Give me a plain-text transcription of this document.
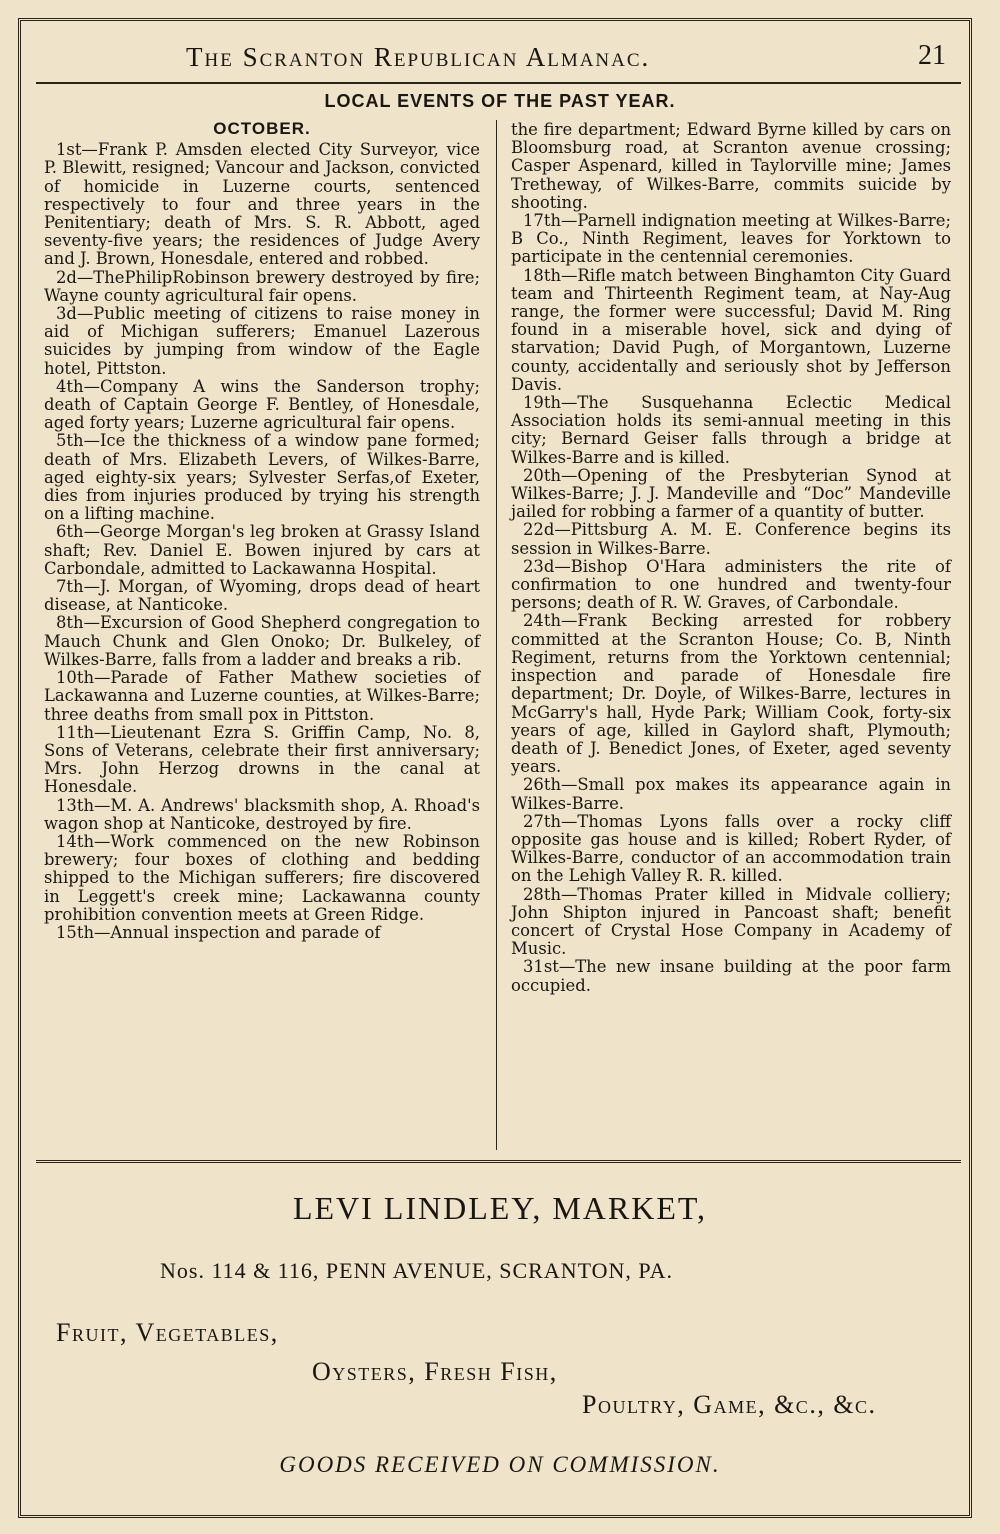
The Scranton Republican Almanac.	21
LOCAL EVENTS OF THE PAST YEAR.
OCTOBER.

1st—Frank P. Amsden elected City Surveyor, vice P. Blewitt, resigned; Vancour and Jackson, convicted of homicide in Luzerne courts, sentenced respectively to four and three years in the Penitentiary; death of Mrs. S. R. Abbott, aged seventy-five years; the residences of Judge Avery and J. Brown, Honesdale, entered and robbed.

2d—ThePhilipRobinson brewery destroyed by fire; Wayne county agricultural fair opens.

3d—Public meeting of citizens to raise money in aid of Michigan sufferers; Emanuel Lazerous suicides by jumping from window of the Eagle hotel, Pittston.

4th—Company A wins the Sanderson trophy; death of Captain George F. Bentley, of Honesdale, aged forty years; Luzerne agricultural fair opens.

5th—Ice the thickness of a window pane formed; death of Mrs. Elizabeth Levers, of Wilkes-Barre, aged eighty-six years; Sylvester Serfas,of Exeter, dies from injuries produced by trying his strength on a lifting machine.

6th—George Morgan's leg broken at Grassy Island shaft; Rev. Daniel E. Bowen injured by cars at Carbondale, admitted to Lackawanna Hospital.

7th—J. Morgan, of Wyoming, drops dead of heart disease, at Nanticoke.

8th—Excursion of Good Shepherd congregation to Mauch Chunk and Glen Onoko; Dr. Bulkeley, of Wilkes-Barre, falls from a ladder and breaks a rib.

10th—Parade of Father Mathew societies of Lackawanna and Luzerne counties, at Wilkes-Barre; three deaths from small pox in Pittston.

11th—Lieutenant Ezra S. Griffin Camp, No. 8, Sons of Veterans, celebrate their first anniversary; Mrs. John Herzog drowns in the canal at Honesdale.

13th—M. A. Andrews' blacksmith shop, A. Rhoad's wagon shop at Nanticoke, destroyed by fire.

14th—Work commenced on the new Robinson brewery; four boxes of clothing and bedding shipped to the Michigan sufferers; fire discovered in Leggett's creek mine; Lackawanna county prohibition convention meets at Green Ridge.

15th—Annual inspection and parade of

the fire department; Edward Byrne killed by cars on Bloomsburg road, at Scranton avenue crossing; Casper Aspenard, killed in Taylorville mine; James Tretheway, of Wilkes-Barre, commits suicide by shooting.

17th—Parnell indignation meeting at Wilkes-Barre; B Co., Ninth Regiment, leaves for Yorktown to participate in the centennial ceremonies.

18th—Rifle match between Binghamton City Guard team and Thirteenth Regiment team, at Nay-Aug range, the former were successful; David M. Ring found in a miserable hovel, sick and dying of starvation; David Pugh, of Morgantown, Luzerne county, accidentally and seriously shot by Jefferson Davis.

19th—The Susquehanna Eclectic Medical Association holds its semi-annual meeting in this city; Bernard Geiser falls through a bridge at Wilkes-Barre and is killed.

20th—Opening of the Presbyterian Synod at Wilkes-Barre; J. J. Mandeville and “Doc” Mandeville jailed for robbing a farmer of a quantity of butter.

22d—Pittsburg A. M. E. Conference begins its session in Wilkes-Barre.

23d—Bishop O'Hara administers the rite of confirmation to one hundred and twenty-four persons; death of R. W. Graves, of Carbondale.

24th—Frank Becking arrested for robbery committed at the Scranton House; Co. B, Ninth Regiment, returns from the Yorktown centennial; inspection and parade of Honesdale fire department; Dr. Doyle, of Wilkes-Barre, lectures in McGarry's hall, Hyde Park; William Cook, forty-six years of age, killed in Gaylord shaft, Plymouth; death of J. Benedict Jones, of Exeter, aged seventy years.

26th—Small pox makes its appearance again in Wilkes-Barre.

27th—Thomas Lyons falls over a rocky cliff opposite gas house and is killed; Robert Ryder, of Wilkes-Barre, conductor of an accommodation train on the Lehigh Valley R. R. killed.

28th—Thomas Prater killed in Midvale colliery; John Shipton injured in Pancoast shaft; benefit concert of Crystal Hose Company in Academy of Music.

31st—The new insane building at the poor farm occupied.

LEVI LINDLEY, MARKET,
Nos. 114 & 116, PENN AVENUE, SCRANTON, PA.
Fruit, Vegetables,
Oysters, Fresh Fish,
Poultry, Game, &c., &c.
GOODS RECEIVED ON COMMISSION.
